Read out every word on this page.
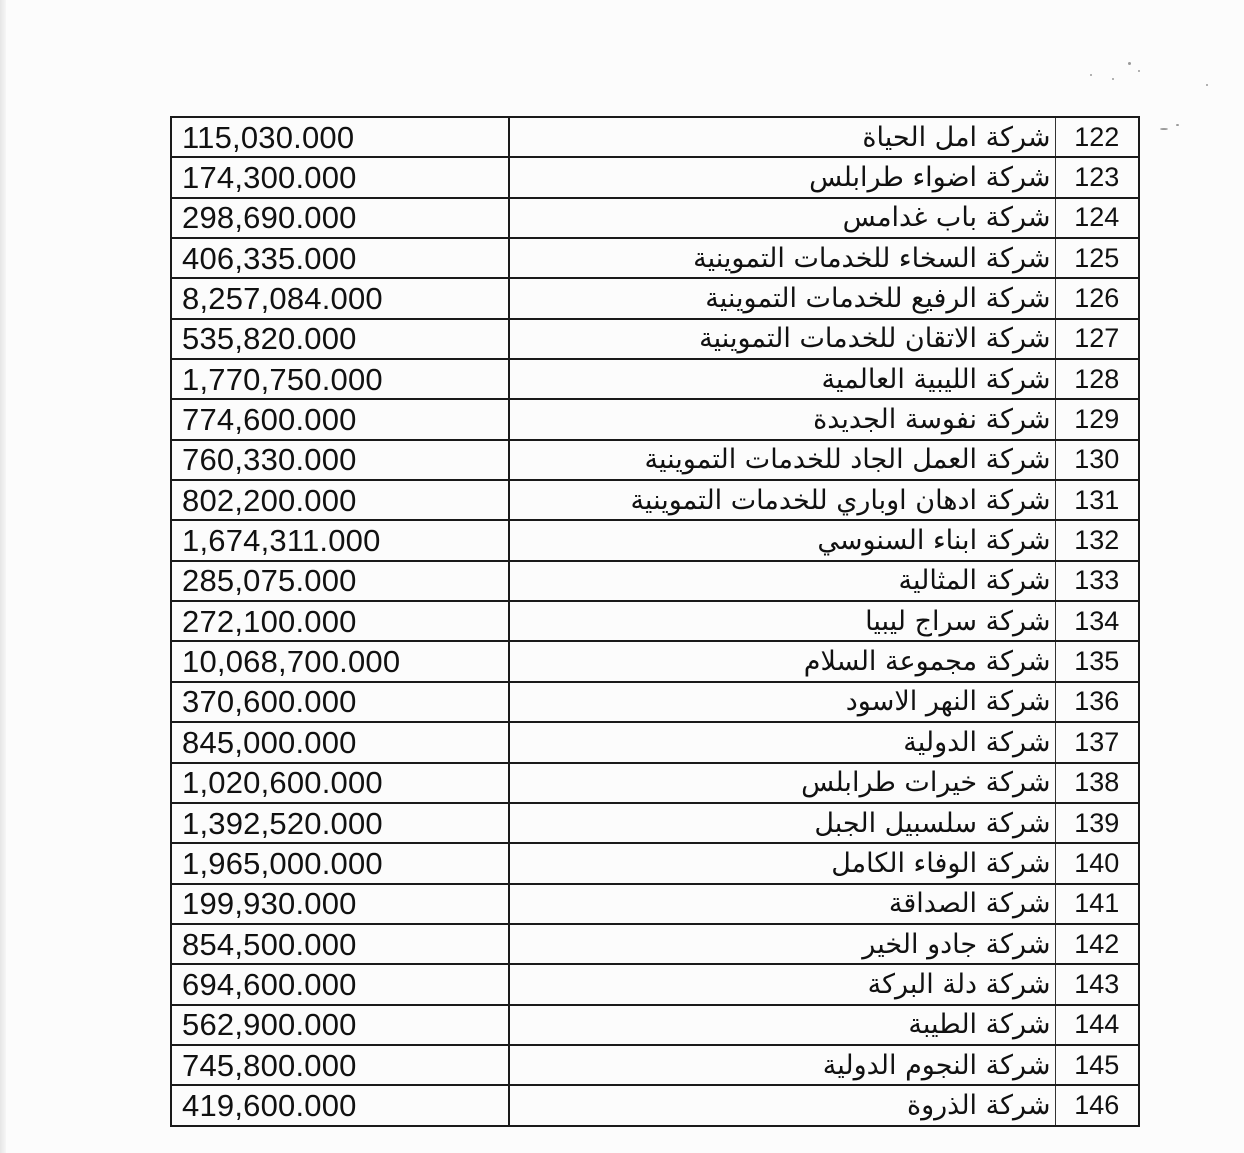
115,030.000	شركة امل الحياة	122
174,300.000	شركة اضواء طرابلس	123
298,690.000	شركة باب غدامس	124
406,335.000	شركة السخاء للخدمات التموينية	125
8,257,084.000	شركة الرفيع للخدمات التموينية	126
535,820.000	شركة الاتقان للخدمات التموينية	127
1,770,750.000	شركة الليبية العالمية	128
774,600.000	شركة نفوسة الجديدة	129
760,330.000	شركة العمل الجاد للخدمات التموينية	130
802,200.000	شركة ادهان اوباري للخدمات التموينية	131
1,674,311.000	شركة ابناء السنوسي	132
285,075.000	شركة المثالية	133
272,100.000	شركة سراج ليبيا	134
10,068,700.000	شركة مجموعة السلام	135
370,600.000	شركة النهر الاسود	136
845,000.000	شركة الدولية	137
1,020,600.000	شركة خيرات طرابلس	138
1,392,520.000	شركة سلسبيل الجبل	139
1,965,000.000	شركة الوفاء الكامل	140
199,930.000	شركة الصداقة	141
854,500.000	شركة جادو الخير	142
694,600.000	شركة دلة البركة	143
562,900.000	شركة الطيبة	144
745,800.000	شركة النجوم الدولية	145
419,600.000	شركة الذروة	146
